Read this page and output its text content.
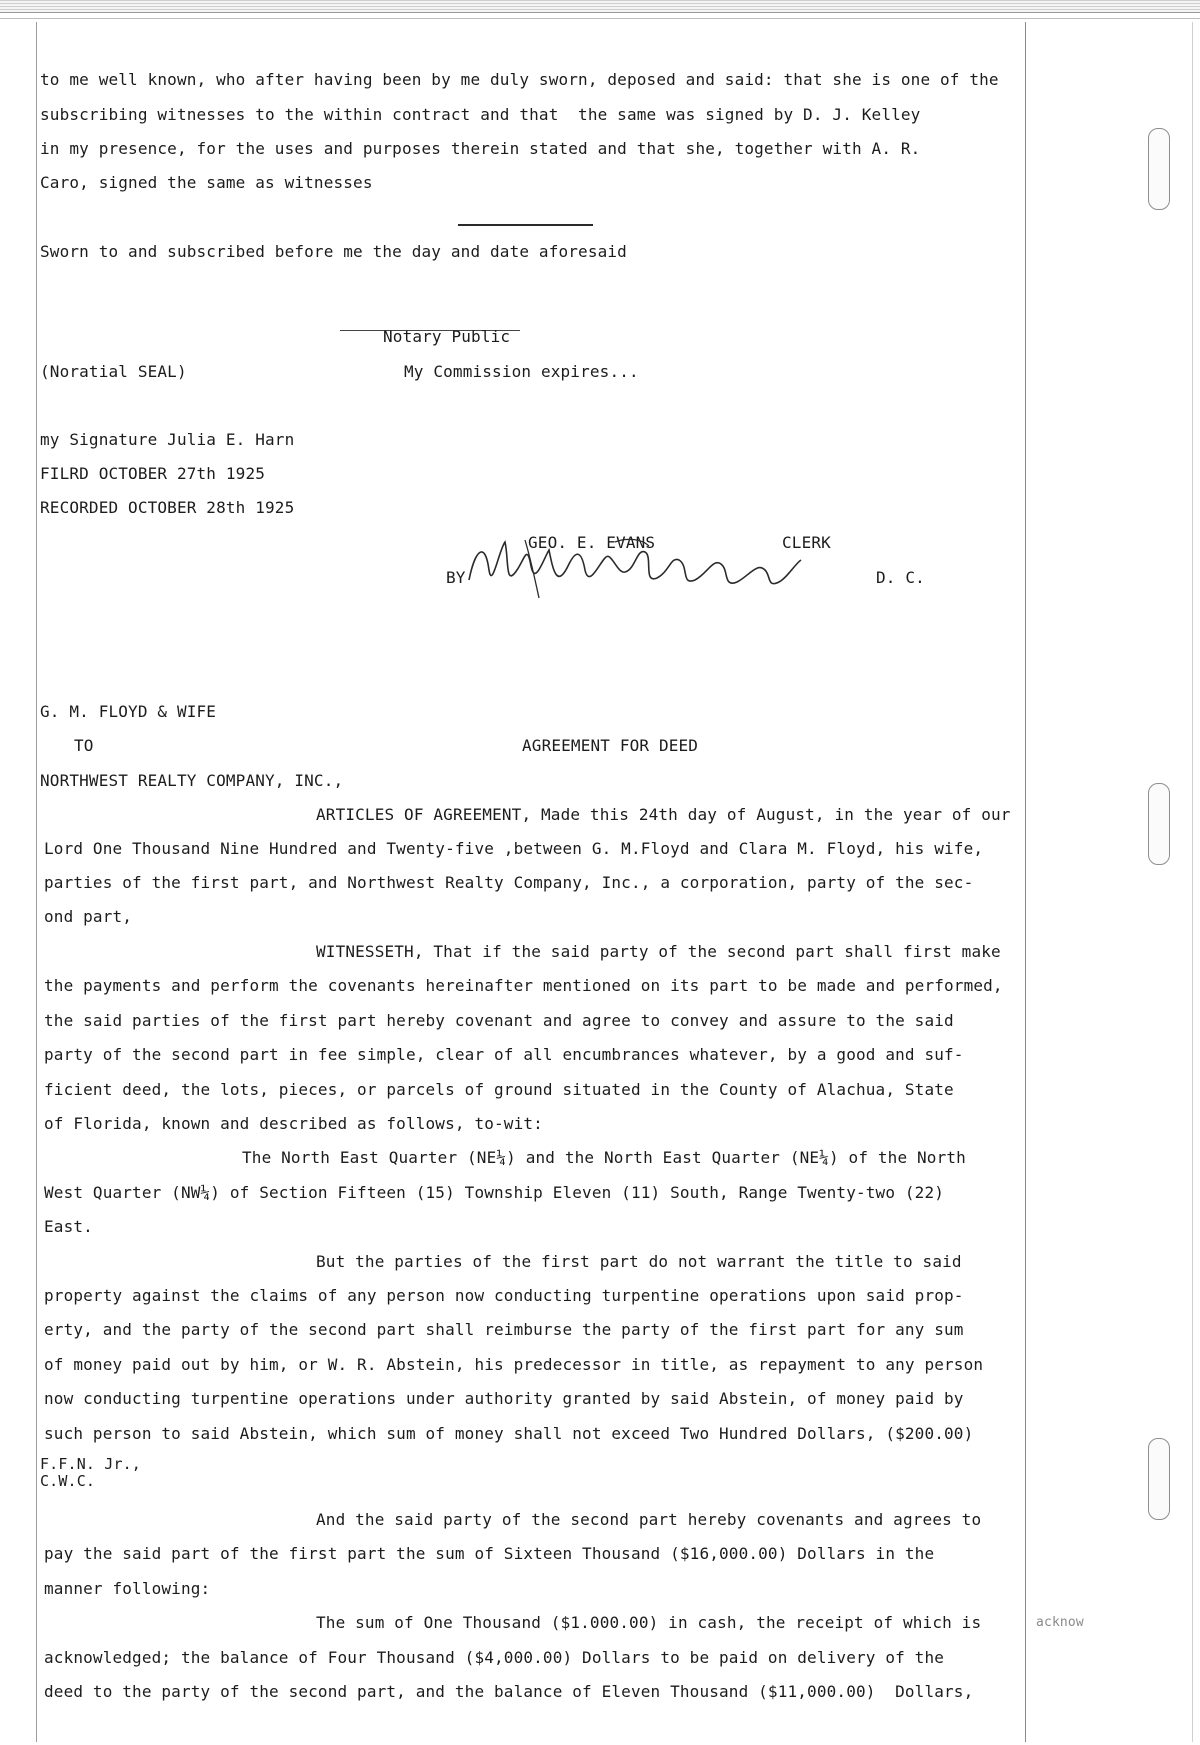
to me well known, who after having been by me duly sworn, deposed and said: that she is one of the
subscribing witnesses to the within contract and that  the same was signed by D. J. Kelley
in my presence, for the uses and purposes therein stated and that she, together with A. R.
Caro, signed the same as witnesses
Sworn to and subscribed before me the day and date aforesaid
Notary Public
(Noratial SEAL)	My Commission expires...
my Signature Julia E. Harn
FILRD OCTOBER 27th 1925
RECORDED OCTOBER 28th 1925
GEO. E. EVANS	CLERK
BY	D. C.
G. M. FLOYD & WIFE
TO	AGREEMENT FOR DEED
NORTHWEST REALTY COMPANY, INC.,
ARTICLES OF AGREEMENT, Made this 24th day of August, in the year of our
Lord One Thousand Nine Hundred and Twenty-five ,between G. M.Floyd and Clara M. Floyd, his wife,
parties of the first part, and Northwest Realty Company, Inc., a corporation, party of the sec-
ond part,
WITNESSETH, That if the said party of the second part shall first make
the payments and perform the covenants hereinafter mentioned on its part to be made and performed,
the said parties of the first part hereby covenant and agree to convey and assure to the said
party of the second part in fee simple, clear of all encumbrances whatever, by a good and suf-
ficient deed, the lots, pieces, or parcels of ground situated in the County of Alachua, State
of Florida, known and described as follows, to-wit:
The North East Quarter (NE¼) and the North East Quarter (NE¼) of the North
West Quarter (NW¼) of Section Fifteen (15) Township Eleven (11) South, Range Twenty-two (22)
East.
But the parties of the first part do not warrant the title to said
property against the claims of any person now conducting turpentine operations upon said prop-
erty, and the party of the second part shall reimburse the party of the first part for any sum
of money paid out by him, or W. R. Abstein, his predecessor in title, as repayment to any person
now conducting turpentine operations under authority granted by said Abstein, of money paid by
such person to said Abstein, which sum of money shall not exceed Two Hundred Dollars, ($200.00)
F.F.N. Jr.,
C.W.C.
And the said party of the second part hereby covenants and agrees to
pay the said part of the first part the sum of Sixteen Thousand ($16,000.00) Dollars in the
manner following:
The sum of One Thousand ($1.000.00) in cash, the receipt of which is	acknow
acknowledged; the balance of Four Thousand ($4,000.00) Dollars to be paid on delivery of the
deed to the party of the second part, and the balance of Eleven Thousand ($11,000.00)  Dollars,
